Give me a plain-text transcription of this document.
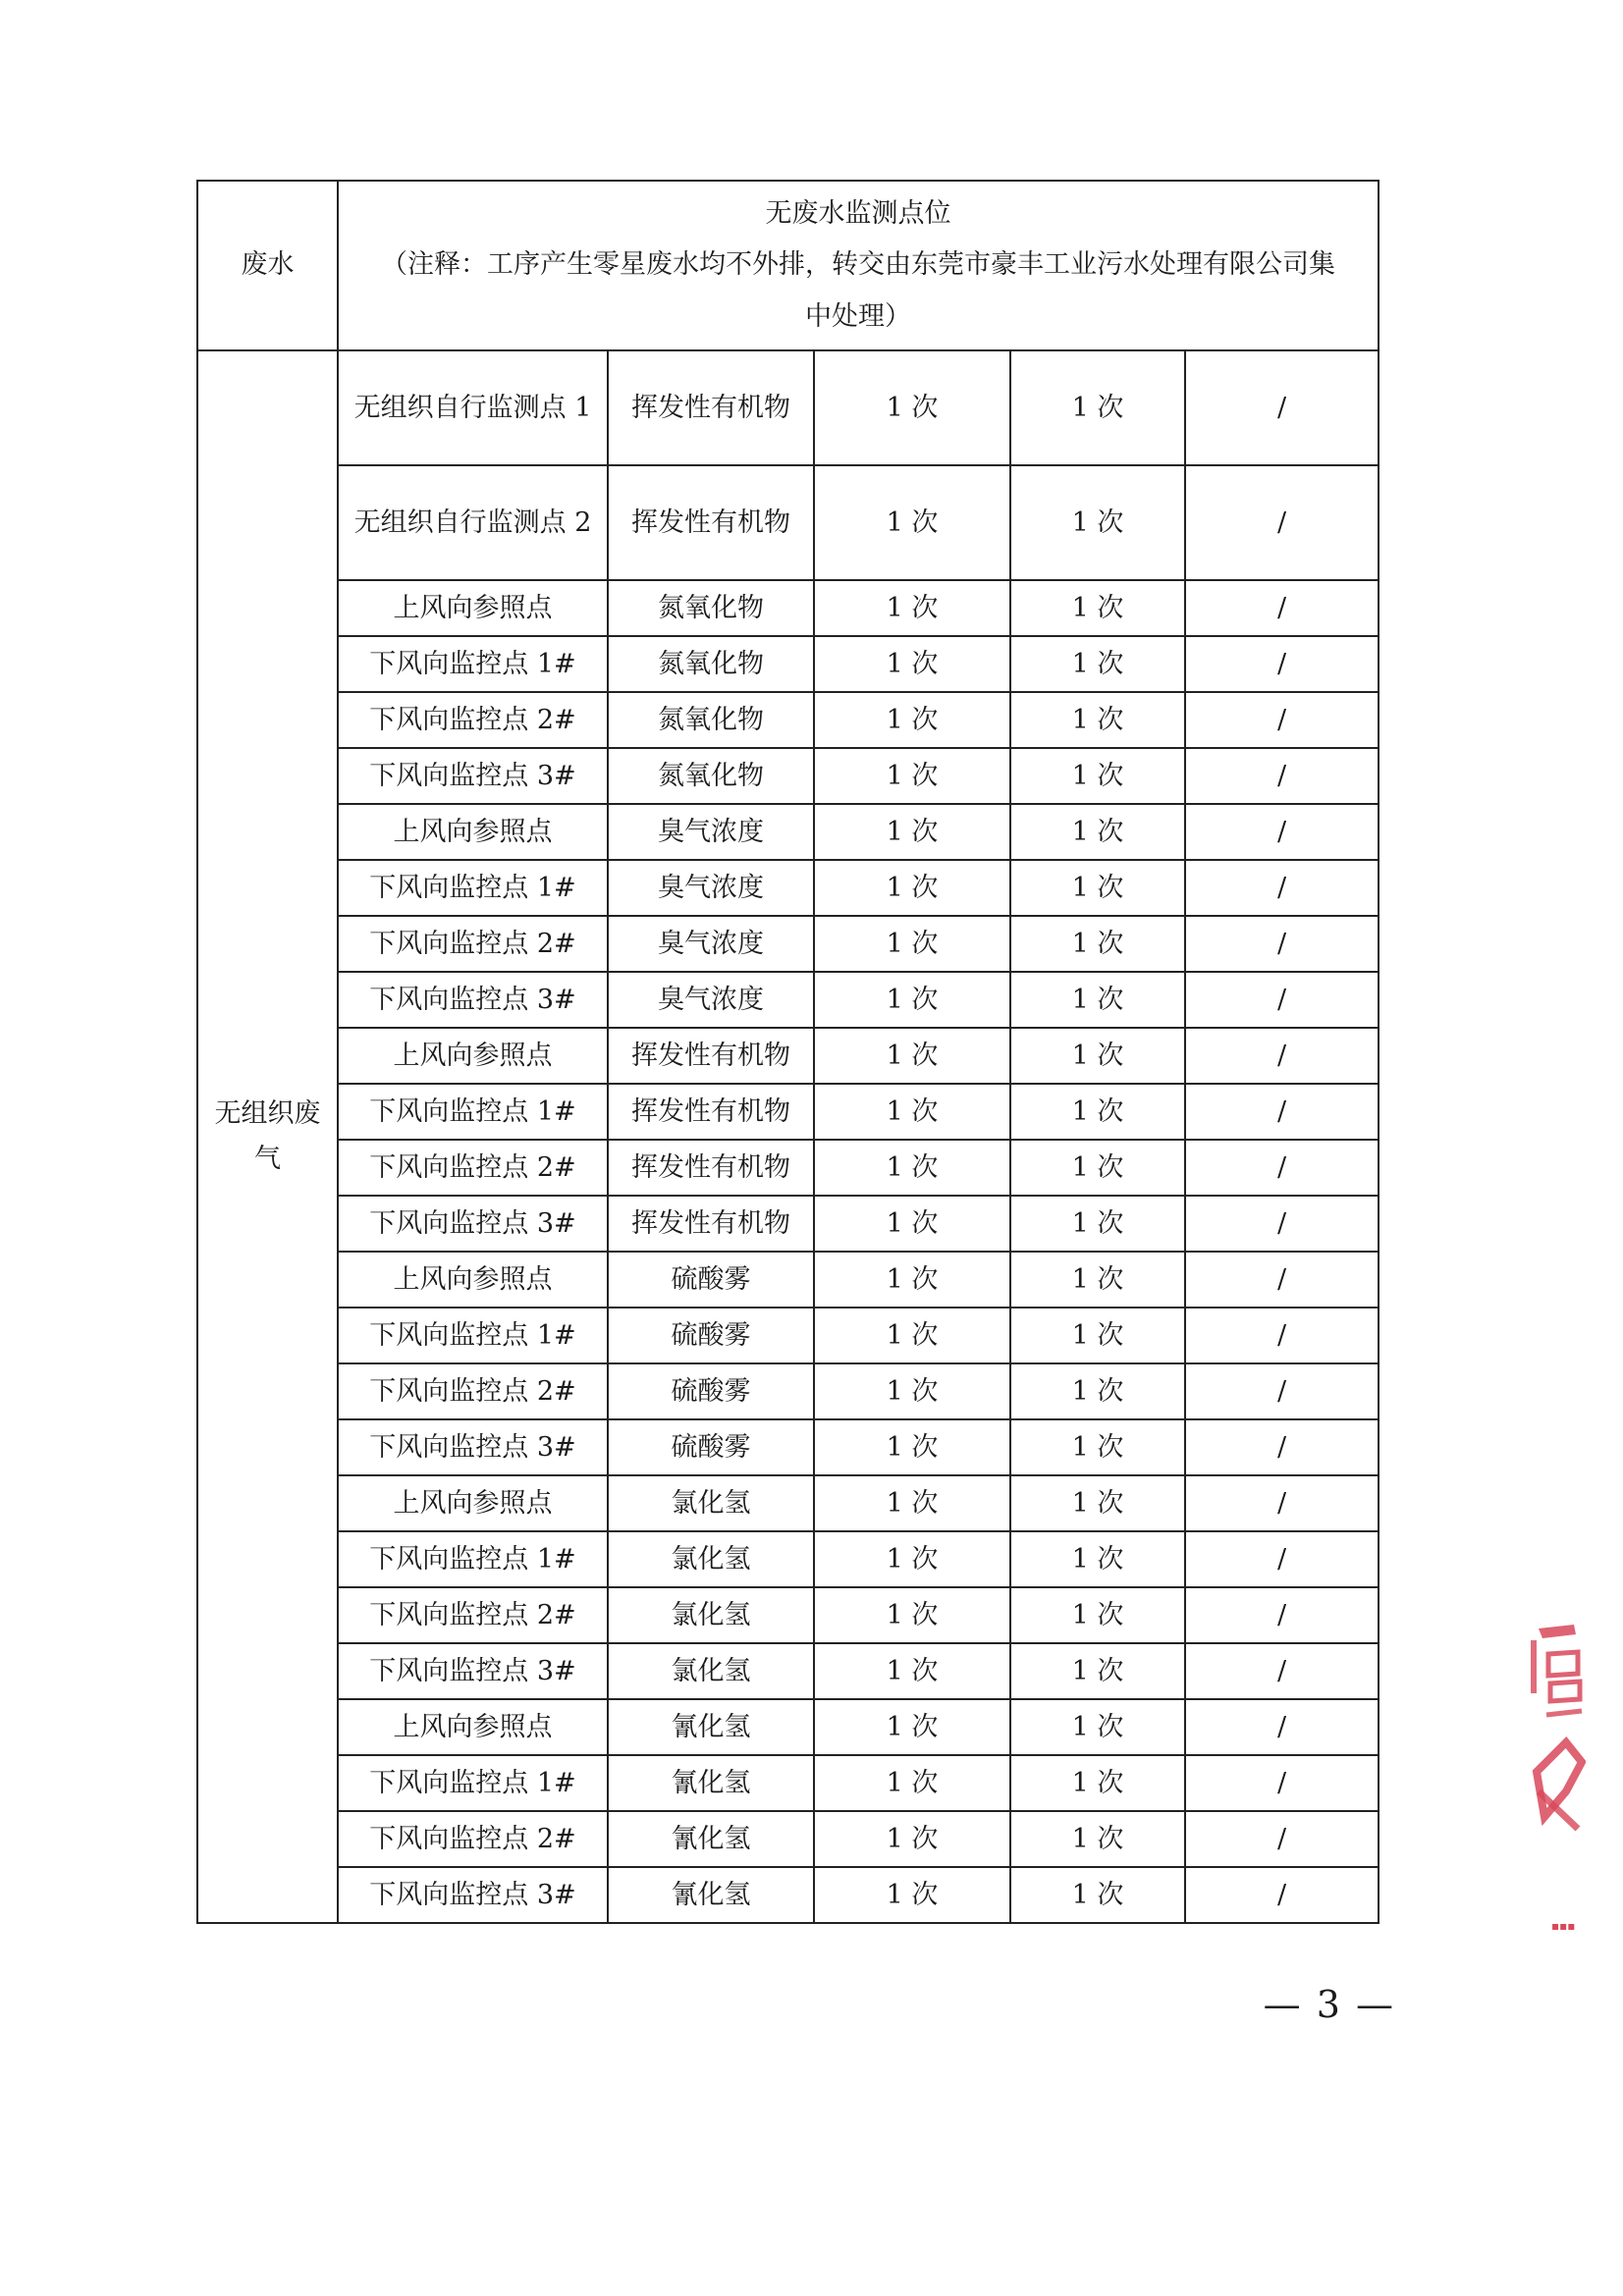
废水	无废水监测点位
（注释：工序产生零星废水均不外排，转交由东莞市豪丰工业污水处理有限公司集
中处理）				

无组织废气	无组织自行监测点 1	挥发性有机物	1 次	1 次	/
	无组织自行监测点 2	挥发性有机物	1 次	1 次	/
	上风向参照点	氮氧化物	1 次	1 次	/
	下风向监控点 1#	氮氧化物	1 次	1 次	/
	下风向监控点 2#	氮氧化物	1 次	1 次	/
	下风向监控点 3#	氮氧化物	1 次	1 次	/
	上风向参照点	臭气浓度	1 次	1 次	/
	下风向监控点 1#	臭气浓度	1 次	1 次	/
	下风向监控点 2#	臭气浓度	1 次	1 次	/
	下风向监控点 3#	臭气浓度	1 次	1 次	/
	上风向参照点	挥发性有机物	1 次	1 次	/
	下风向监控点 1#	挥发性有机物	1 次	1 次	/
	下风向监控点 2#	挥发性有机物	1 次	1 次	/
	下风向监控点 3#	挥发性有机物	1 次	1 次	/
	上风向参照点	硫酸雾	1 次	1 次	/
	下风向监控点 1#	硫酸雾	1 次	1 次	/
	下风向监控点 2#	硫酸雾	1 次	1 次	/
	下风向监控点 3#	硫酸雾	1 次	1 次	/
	上风向参照点	氯化氢	1 次	1 次	/
	下风向监控点 1#	氯化氢	1 次	1 次	/
	下风向监控点 2#	氯化氢	1 次	1 次	/
	下风向监控点 3#	氯化氢	1 次	1 次	/
	上风向参照点	氰化氢	1 次	1 次	/
	下风向监控点 1#	氰化氢	1 次	1 次	/
	下风向监控点 2#	氰化氢	1 次	1 次	/
	下风向监控点 3#	氰化氢	1 次	1 次	/
— 3 —
▪▪▪
